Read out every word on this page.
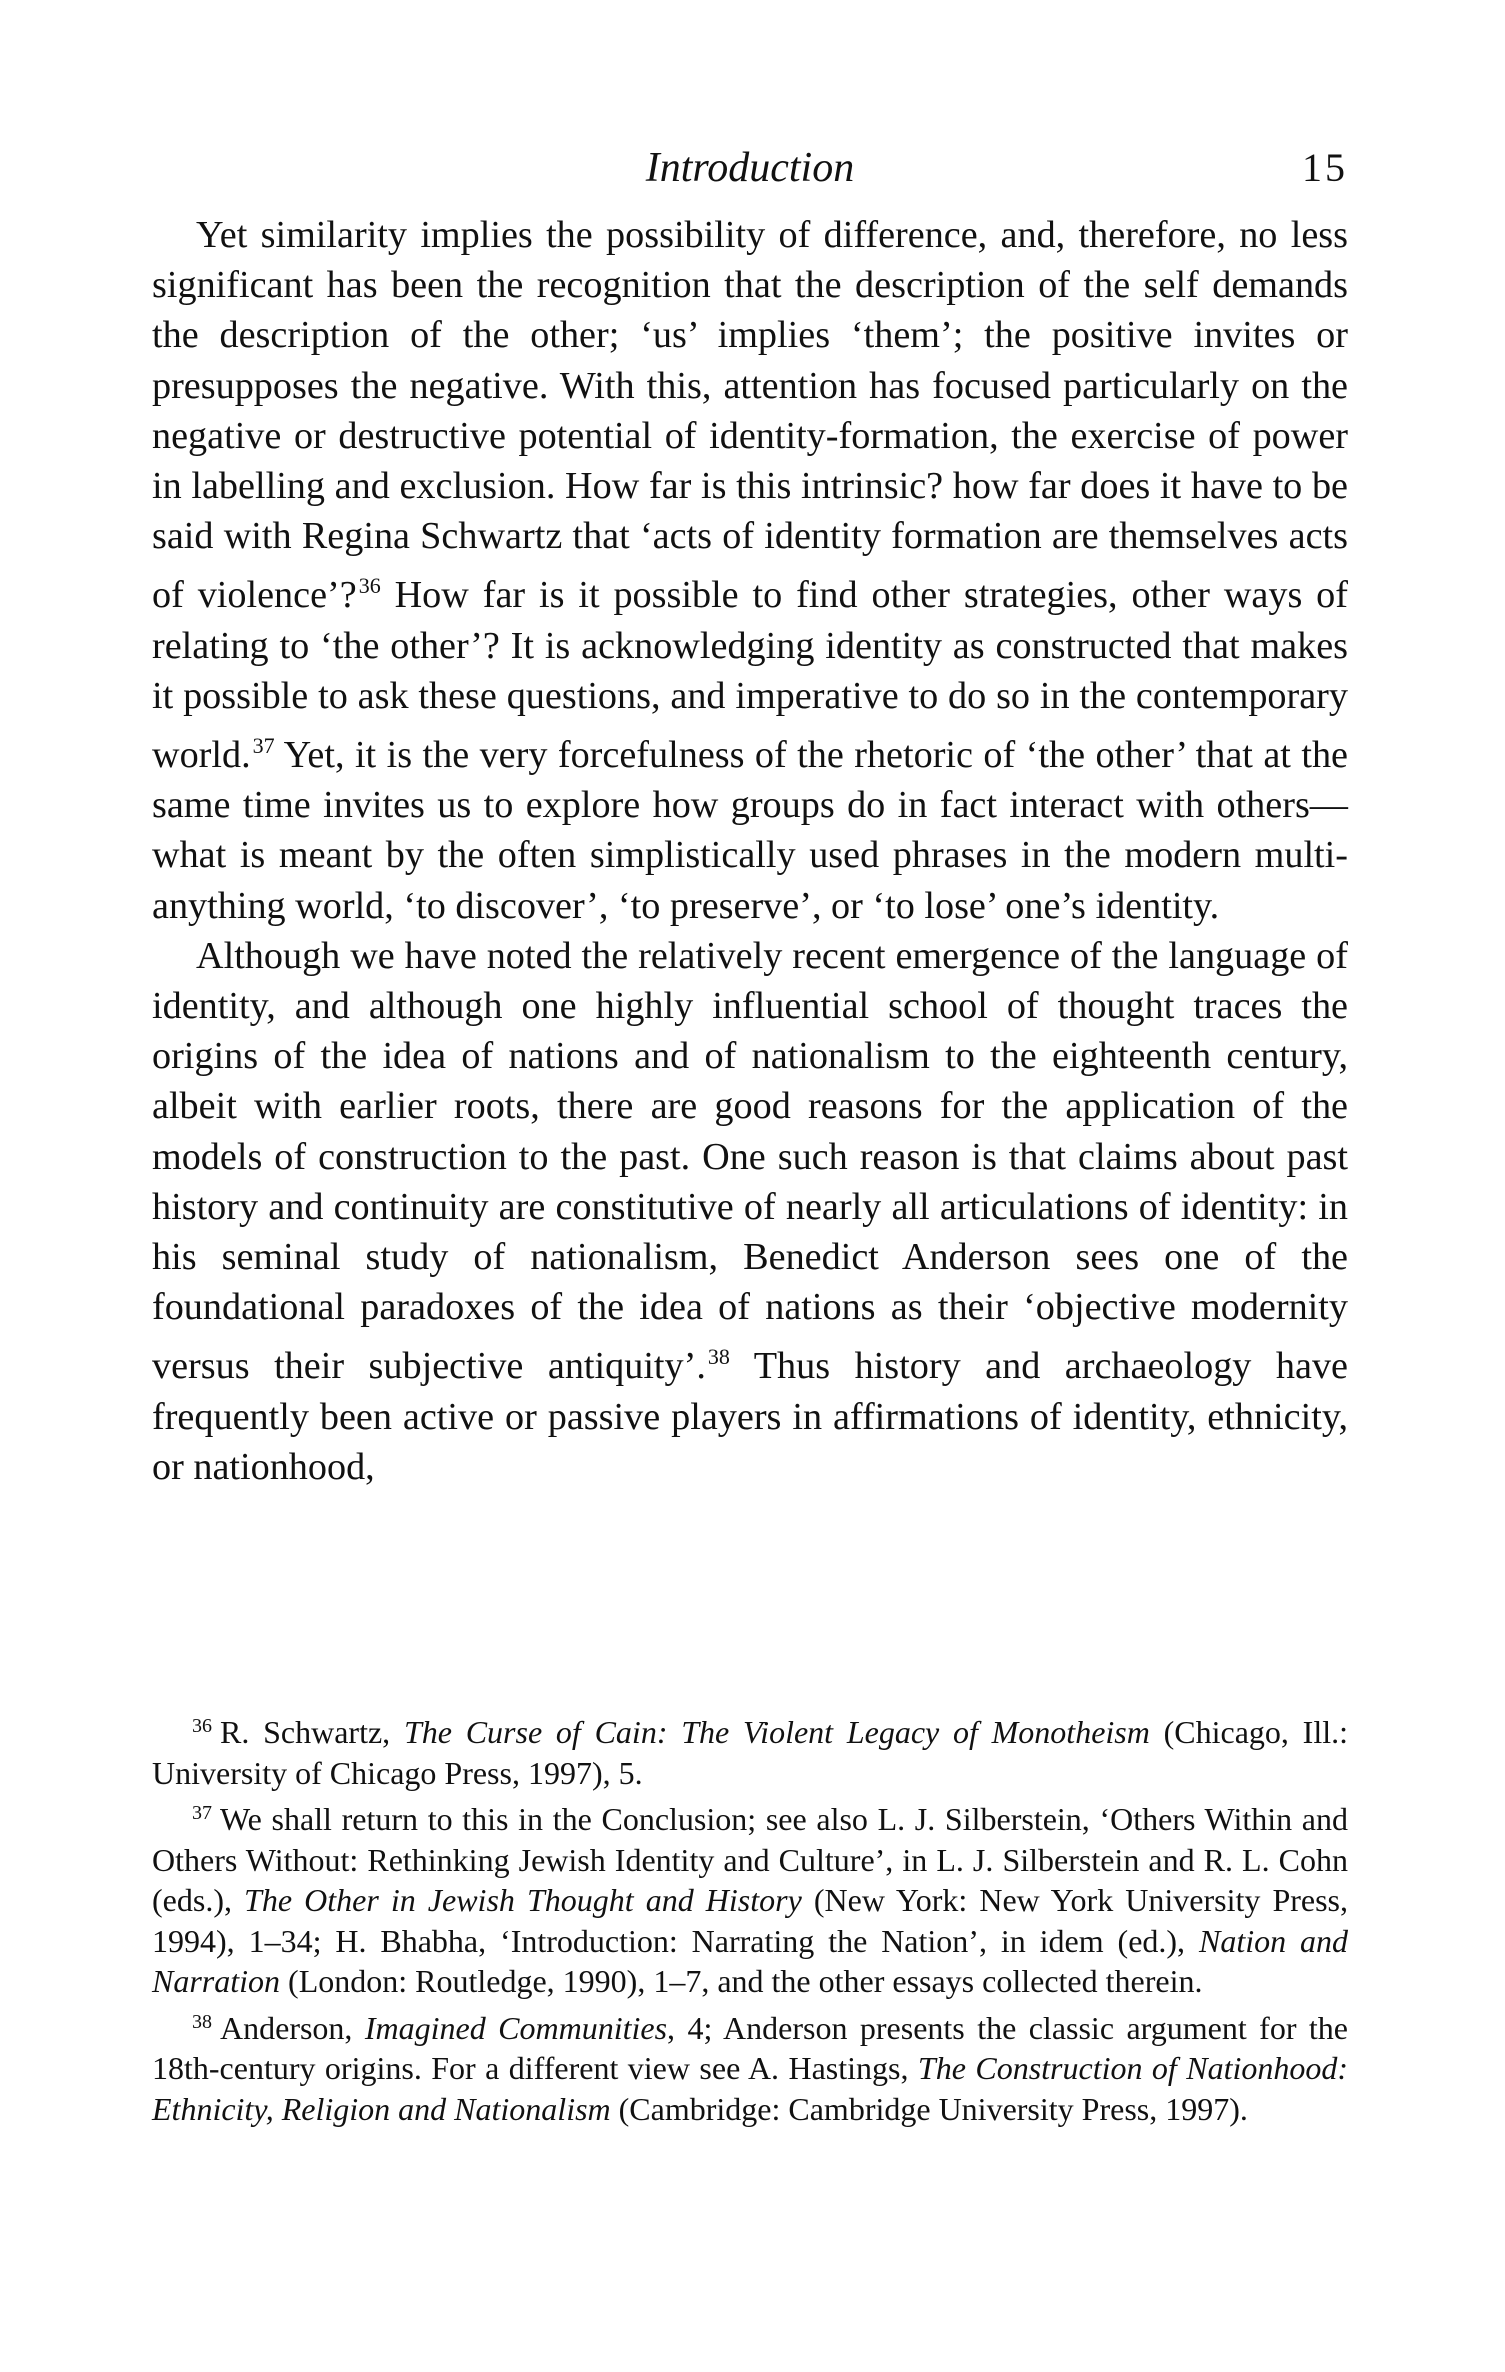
Introduction	15

Yet similarity implies the possibility of difference, and, therefore, no less significant has been the recognition that the description of the self demands the description of the other; ‘us’ implies ‘them’; the positive invites or presupposes the negative. With this, attention has focused particularly on the negative or destructive potential of identity-formation, the exercise of power in labelling and exclusion. How far is this intrinsic? how far does it have to be said with Regina Schwartz that ‘acts of identity formation are themselves acts of violence’?$^{36}$ How far is it possible to find other strategies, other ways of relating to ‘the other’? It is acknowledging identity as constructed that makes it possible to ask these questions, and imperative to do so in the contemporary world.$^{37}$ Yet, it is the very forcefulness of the rhetoric of ‘the other’ that at the same time invites us to explore how groups do in fact interact with others—what is meant by the often simplistically used phrases in the modern multi-anything world, ‘to discover’, ‘to preserve’, or ‘to lose’ one’s identity.

Although we have noted the relatively recent emergence of the language of identity, and although one highly influential school of thought traces the origins of the idea of nations and of nationalism to the eighteenth century, albeit with earlier roots, there are good reasons for the application of the models of construction to the past. One such reason is that claims about past history and continuity are constitutive of nearly all articulations of identity: in his seminal study of nationalism, Benedict Anderson sees one of the foundational paradoxes of the idea of nations as their ‘objective modernity versus their subjective antiquity’.$^{38}$ Thus history and archaeology have frequently been active or passive players in affirmations of identity, ethnicity, or nationhood,

$^{36}$ R. Schwartz, The Curse of Cain: The Violent Legacy of Monotheism (Chicago, Ill.: University of Chicago Press, 1997), 5.

$^{37}$ We shall return to this in the Conclusion; see also L. J. Silberstein, ‘Others Within and Others Without: Rethinking Jewish Identity and Culture’, in L. J. Silberstein and R. L. Cohn (eds.), The Other in Jewish Thought and History (New York: New York University Press, 1994), 1–34; H. Bhabha, ‘Introduction: Narrating the Nation’, in idem (ed.), Nation and Narration (London: Routledge, 1990), 1–7, and the other essays collected therein.

$^{38}$ Anderson, Imagined Communities, 4; Anderson presents the classic argument for the 18th-century origins. For a different view see A. Hastings, The Construction of Nationhood: Ethnicity, Religion and Nationalism (Cambridge: Cambridge University Press, 1997).
